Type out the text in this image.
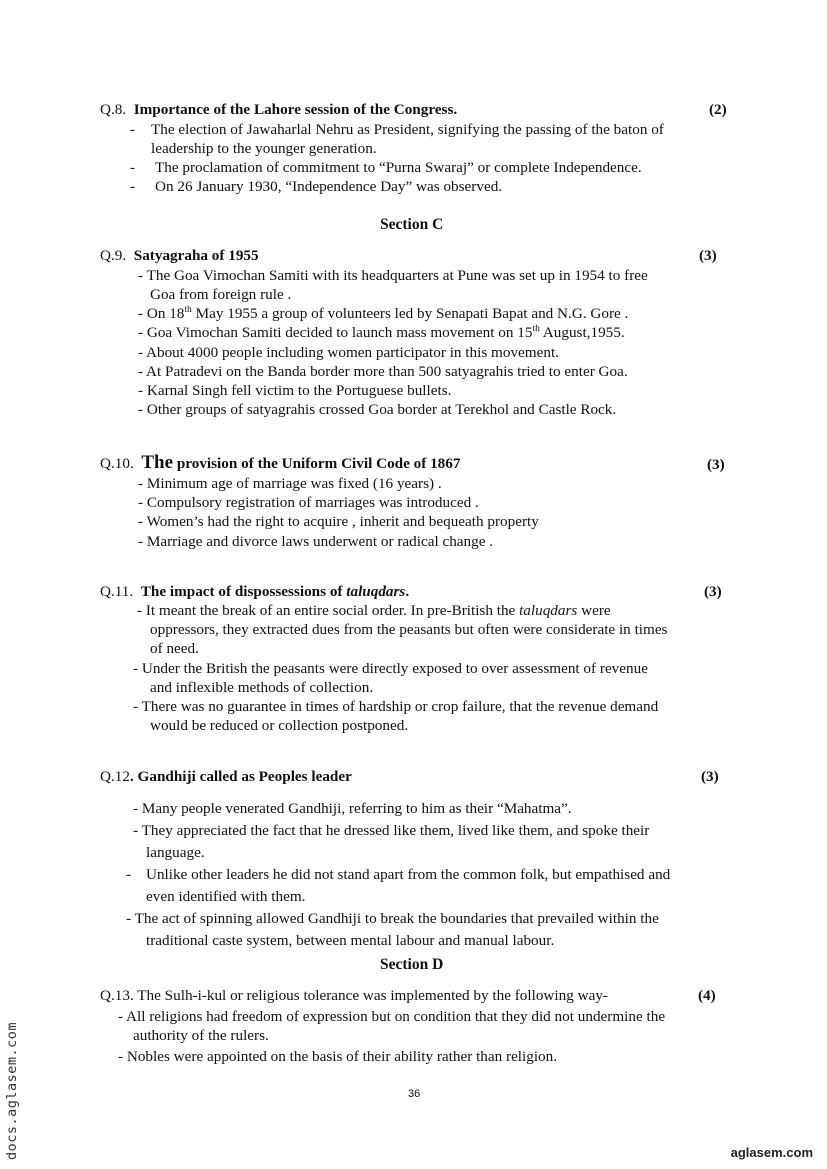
Q.8. Importance of the Lahore session of the Congress.	(2)
- The election of Jawaharlal Nehru as President, signifying the passing of the baton of
leadership to the younger generation.
- The proclamation of commitment to “Purna Swaraj” or complete Independence.
- On 26 January 1930, “Independence Day” was observed.
Section C
Q.9. Satyagraha of 1955	(3)
- The Goa Vimochan Samiti with its headquarters at Pune was set up in 1954 to free
Goa from foreign rule .
- On 18th May 1955 a group of volunteers led by Senapati Bapat and N.G. Gore .
- Goa Vimochan Samiti decided to launch mass movement on 15th August,1955.
- About 4000 people including women participator in this movement.
- At Patradevi on the Banda border more than 500 satyagrahis tried to enter Goa.
- Karnal Singh fell victim to the Portuguese bullets.
- Other groups of satyagrahis crossed Goa border at Terekhol and Castle Rock.
Q.10. The provision of the Uniform Civil Code of 1867	(3)
- Minimum age of marriage was fixed (16 years) .
- Compulsory registration of marriages was introduced .
- Women’s had the right to acquire , inherit and bequeath property
- Marriage and divorce laws underwent or radical change .
Q.11. The impact of dispossessions of taluqdars.	(3)
- It meant the break of an entire social order. In pre-British the taluqdars were
oppressors, they extracted dues from the peasants but often were considerate in times
of need.
- Under the British the peasants were directly exposed to over assessment of revenue
and inflexible methods of collection.
- There was no guarantee in times of hardship or crop failure, that the revenue demand
would be reduced or collection postponed.
Q.12. Gandhiji called as Peoples leader	(3)
- Many people venerated Gandhiji, referring to him as their “Mahatma”.
- They appreciated the fact that he dressed like them, lived like them, and spoke their
language.
- Unlike other leaders he did not stand apart from the common folk, but empathised and
even identified with them.
- The act of spinning allowed Gandhiji to break the boundaries that prevailed within the
traditional caste system, between mental labour and manual labour.
Section D
Q.13. The Sulh-i-kul or religious tolerance was implemented by the following way-	(4)
- All religions had freedom of expression but on condition that they did not undermine the
authority of the rulers.
- Nobles were appointed on the basis of their ability rather than religion.
36
docs.aglasem.com	aglasem.com
